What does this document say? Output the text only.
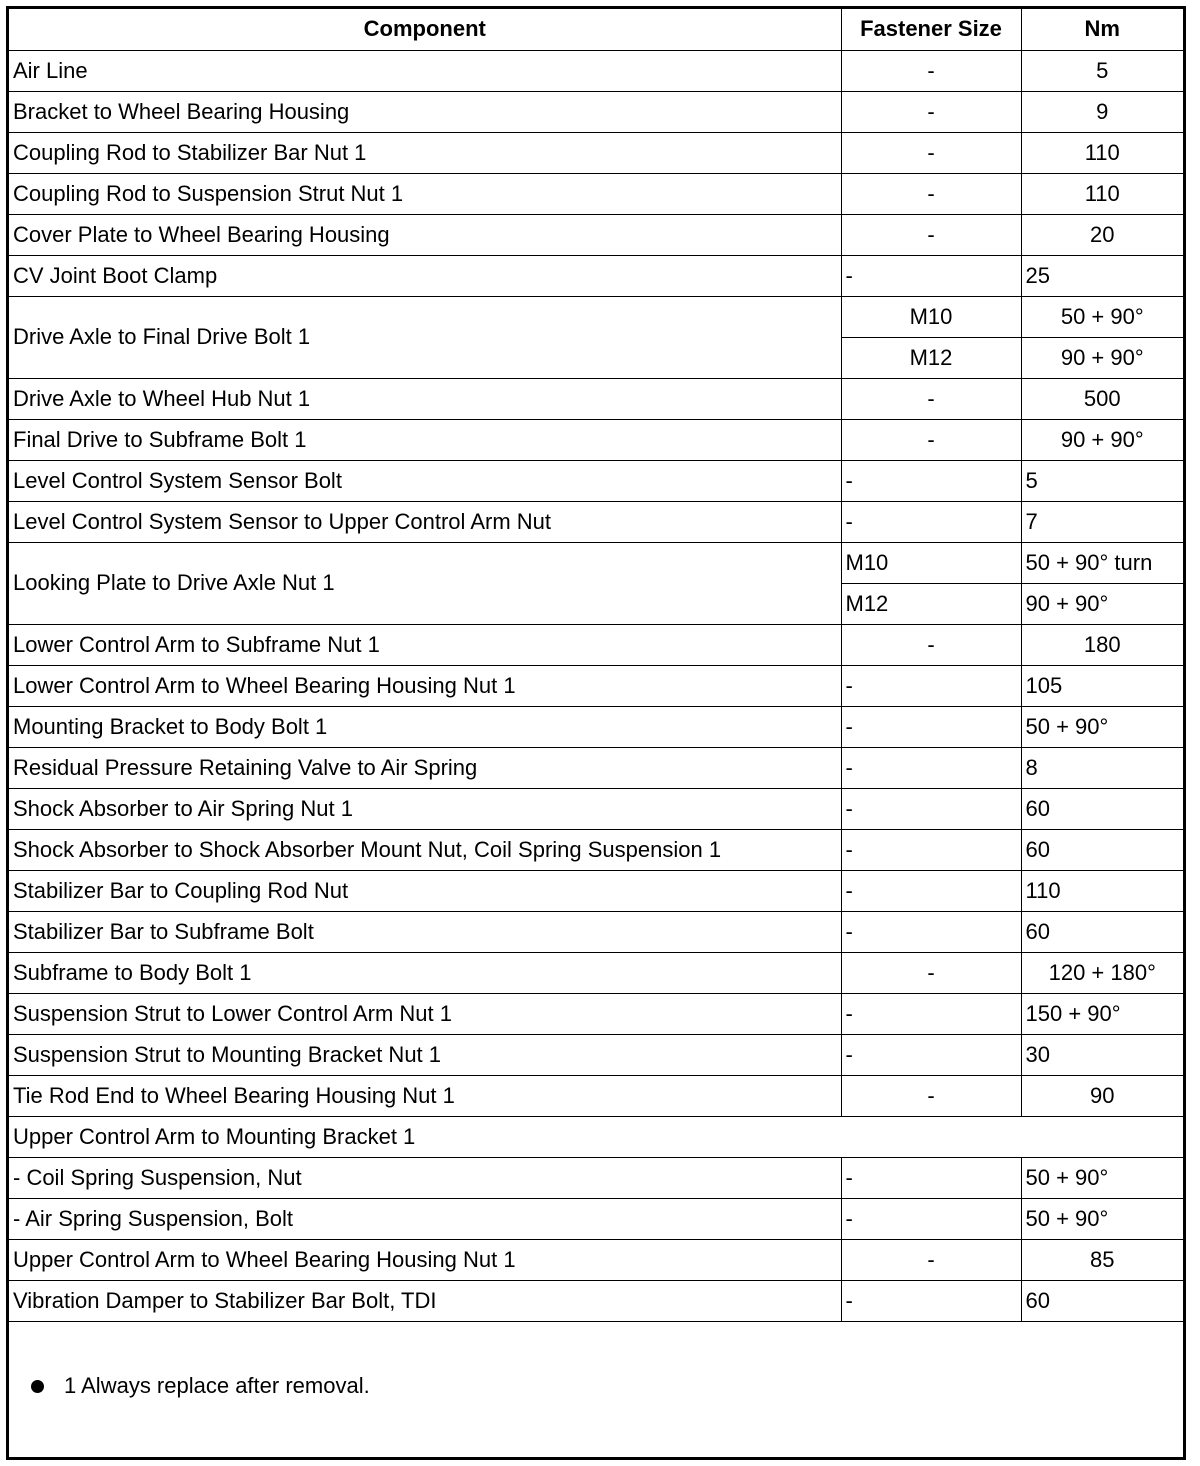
Component	Fastener Size	Nm
Air Line	-	5
Bracket to Wheel Bearing Housing	-	9
Coupling Rod to Stabilizer Bar Nut 1	-	110
Coupling Rod to Suspension Strut Nut 1	-	110
Cover Plate to Wheel Bearing Housing	-	20
CV Joint Boot Clamp	-	25
Drive Axle to Final Drive Bolt 1	M10	50 + 90°
	M12	90 + 90°
Drive Axle to Wheel Hub Nut 1	-	500
Final Drive to Subframe Bolt 1	-	90 + 90°
Level Control System Sensor Bolt	-	5
Level Control System Sensor to Upper Control Arm Nut	-	7
Looking Plate to Drive Axle Nut 1	M10	50 + 90° turn
	M12	90 + 90°
Lower Control Arm to Subframe Nut 1	-	180
Lower Control Arm to Wheel Bearing Housing Nut 1	-	105
Mounting Bracket to Body Bolt 1	-	50 + 90°
Residual Pressure Retaining Valve to Air Spring	-	8
Shock Absorber to Air Spring Nut 1	-	60
Shock Absorber to Shock Absorber Mount Nut, Coil Spring Suspension 1	-	60
Stabilizer Bar to Coupling Rod Nut	-	110
Stabilizer Bar to Subframe Bolt	-	60
Subframe to Body Bolt 1	-	120 + 180°
Suspension Strut to Lower Control Arm Nut 1	-	150 + 90°
Suspension Strut to Mounting Bracket Nut 1	-	30
Tie Rod End to Wheel Bearing Housing Nut 1	-	90
Upper Control Arm to Mounting Bracket 1		
- Coil Spring Suspension, Nut	-	50 + 90°
- Air Spring Suspension, Bolt	-	50 + 90°
Upper Control Arm to Wheel Bearing Housing Nut 1	-	85
Vibration Damper to Stabilizer Bar Bolt, TDI	-	60
1 Always replace after removal.
